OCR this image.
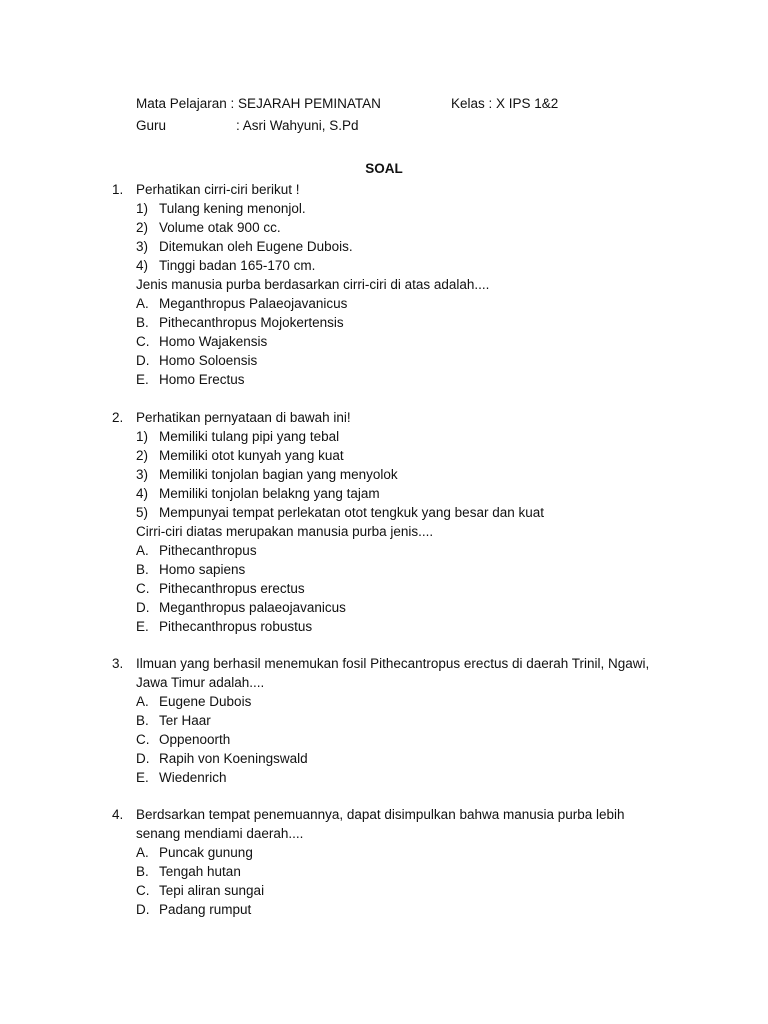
Mata Pelajaran : SEJARAH PEMINATAN	Kelas : X IPS 1&2
Guru	: Asri Wahyuni, S.Pd
SOAL
1. Perhatikan cirri-ciri berikut !
1) Tulang kening menonjol.
2) Volume otak 900 cc.
3) Ditemukan oleh Eugene Dubois.
4) Tinggi badan 165-170 cm.
Jenis manusia purba berdasarkan cirri-ciri di atas adalah....
A. Meganthropus Palaeojavanicus
B. Pithecanthropus Mojokertensis
C. Homo Wajakensis
D. Homo Soloensis
E. Homo Erectus
2. Perhatikan pernyataan di bawah ini!
1) Memiliki tulang pipi yang tebal
2) Memiliki otot kunyah yang kuat
3) Memiliki tonjolan bagian yang menyolok
4) Memiliki tonjolan belakng yang tajam
5) Mempunyai tempat perlekatan otot tengkuk yang besar dan kuat
Cirri-ciri diatas merupakan manusia purba jenis....
A. Pithecanthropus
B. Homo sapiens
C. Pithecanthropus erectus
D. Meganthropus palaeojavanicus
E. Pithecanthropus robustus
3. Ilmuan yang berhasil menemukan fosil Pithecantropus erectus di daerah Trinil, Ngawi,
Jawa Timur adalah....
A. Eugene Dubois
B. Ter Haar
C. Oppenoorth
D. Rapih von Koeningswald
E. Wiedenrich
4. Berdsarkan tempat penemuannya, dapat disimpulkan bahwa manusia purba lebih
senang mendiami daerah....
A. Puncak gunung
B. Tengah hutan
C. Tepi aliran sungai
D. Padang rumput
